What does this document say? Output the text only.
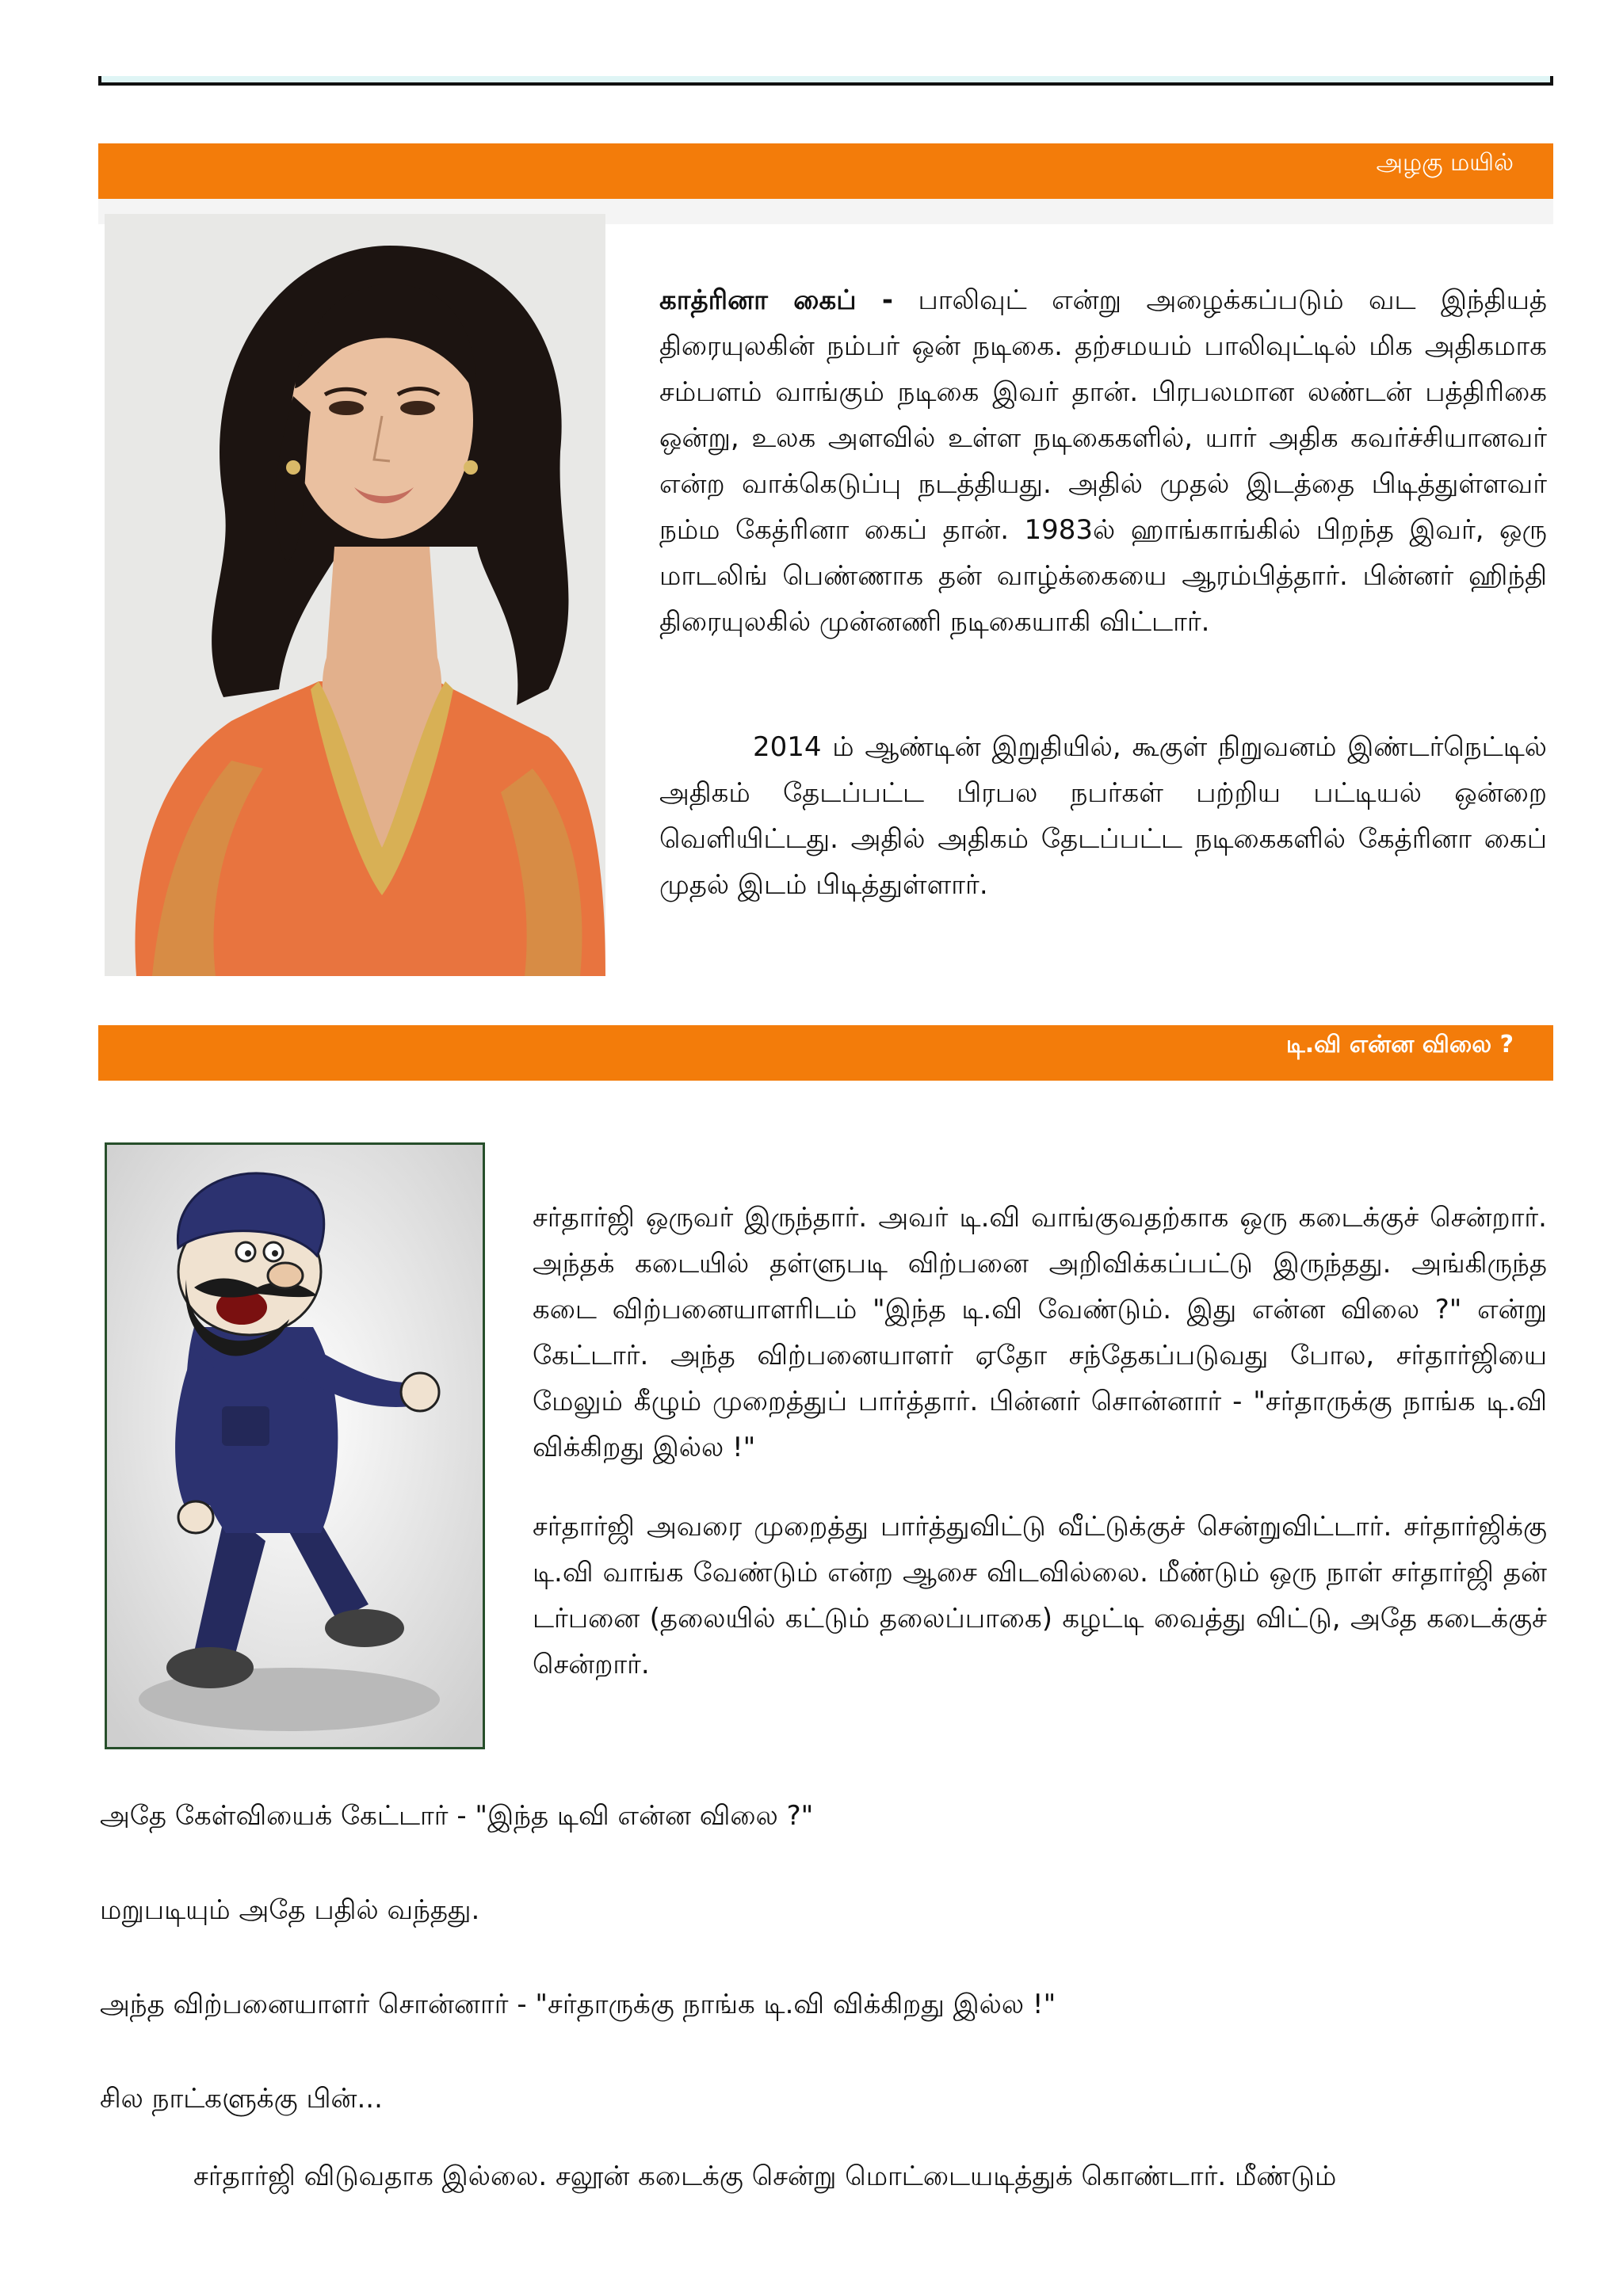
அழகு மயில்
காத்ரினா கைப் - பாலிவுட் என்று அழைக்கப்படும் வட இந்தியத் திரையுலகின் நம்பர் ஒன் நடிகை. தற்சமயம் பாலிவுட்டில் மிக அதிகமாக சம்பளம் வாங்கும் நடிகை இவர் தான். பிரபலமான லண்டன் பத்திரிகை ஒன்று, உலக அளவில் உள்ள நடிகைகளில், யார் அதிக கவர்ச்சியானவர் என்ற வாக்கெடுப்பு நடத்தியது. அதில் முதல் இடத்தை பிடித்துள்ளவர் நம்ம கேத்ரினா கைப் தான். 1983ல் ஹாங்காங்கில் பிறந்த இவர், ஒரு மாடலிங் பெண்ணாக தன் வாழ்க்கையை ஆரம்பித்தார். பின்னர் ஹிந்தி திரையுலகில் முன்னணி நடிகையாகி விட்டார்.
2014 ம் ஆண்டின் இறுதியில், கூகுள் நிறுவனம் இண்டர்நெட்டில் அதிகம் தேடப்பட்ட பிரபல நபர்கள் பற்றிய பட்டியல் ஒன்றை வெளியிட்டது. அதில் அதிகம் தேடப்பட்ட நடிகைகளில் கேத்ரினா கைப் முதல் இடம் பிடித்துள்ளார்.
டி.வி என்ன விலை ?
சர்தார்ஜி ஒருவர் இருந்தார். அவர் டி.வி வாங்குவதற்காக ஒரு கடைக்குச் சென்றார். அந்தக் கடையில் தள்ளுபடி விற்பனை அறிவிக்கப்பட்டு இருந்தது. அங்கிருந்த கடை விற்பனையாளரிடம் "இந்த டி.வி வேண்டும். இது என்ன விலை ?" என்று கேட்டார். அந்த விற்பனையாளர் ஏதோ சந்தேகப்படுவது போல, சர்தார்ஜியை மேலும் கீழும் முறைத்துப் பார்த்தார். பின்னர் சொன்னார் - "சர்தாருக்கு நாங்க டி.வி விக்கிறது இல்ல !"
சர்தார்ஜி அவரை முறைத்து பார்த்துவிட்டு வீட்டுக்குச் சென்றுவிட்டார். சர்தார்ஜிக்கு டி.வி வாங்க வேண்டும் என்ற ஆசை விடவில்லை. மீண்டும் ஒரு நாள் சர்தார்ஜி தன் டர்பனை (தலையில் கட்டும் தலைப்பாகை) கழட்டி வைத்து விட்டு, அதே கடைக்குச் சென்றார்.
அதே கேள்வியைக் கேட்டார் - "இந்த டிவி என்ன விலை ?"
மறுபடியும் அதே பதில் வந்தது.
அந்த விற்பனையாளர் சொன்னார் - "சர்தாருக்கு நாங்க டி.வி விக்கிறது இல்ல !"
சில நாட்களுக்கு பின்...
சர்தார்ஜி விடுவதாக இல்லை. சலூன் கடைக்கு சென்று மொட்டையடித்துக் கொண்டார். மீண்டும்
